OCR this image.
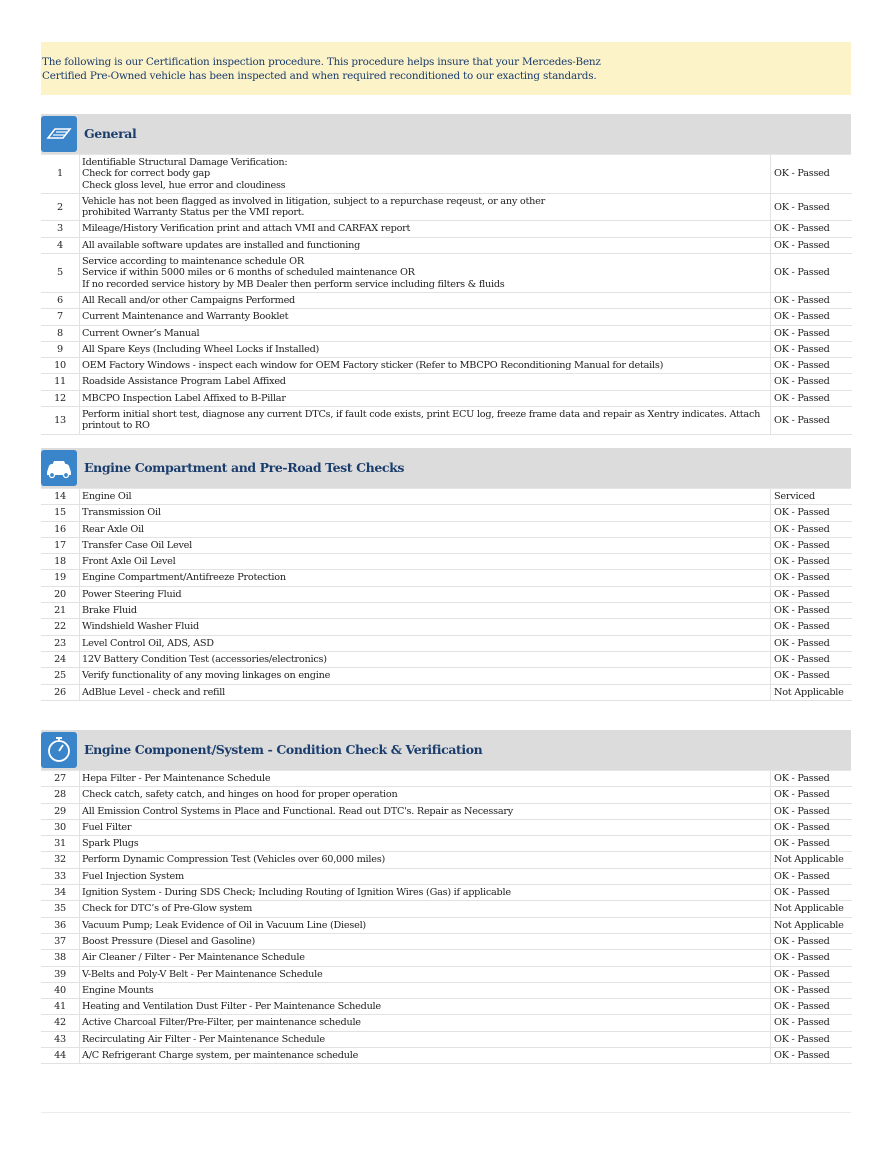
The following is our Certification inspection procedure. This procedure helps insure that your Mercedes-Benz
Certified Pre-Owned vehicle has been inspected and when required reconditioned to our exacting standards.
General
1	Identifiable Structural Damage Verification:
Check for correct body gap
Check gloss level, hue error and cloudiness	OK - Passed
2	Vehicle has not been flagged as involved in litigation, subject to a repurchase reqeust, or any other
prohibited Warranty Status per the VMI report.	OK - Passed
3	Mileage/History Verification print and attach VMI and CARFAX report	OK - Passed
4	All available software updates are installed and functioning	OK - Passed
5	Service according to maintenance schedule OR
Service if within 5000 miles or 6 months of scheduled maintenance OR
If no recorded service history by MB Dealer then perform service including filters & fluids	OK - Passed
6	All Recall and/or other Campaigns Performed	OK - Passed
7	Current Maintenance and Warranty Booklet	OK - Passed
8	Current Owner’s Manual	OK - Passed
9	All Spare Keys (Including Wheel Locks if Installed)	OK - Passed
10	OEM Factory Windows - inspect each window for OEM Factory sticker (Refer to MBCPO Reconditioning Manual for details)	OK - Passed
11	Roadside Assistance Program Label Affixed	OK - Passed
12	MBCPO Inspection Label Affixed to B-Pillar	OK - Passed
13	Perform initial short test, diagnose any current DTCs, if fault code exists, print ECU log, freeze frame data and repair as Xentry indicates. Attach printout to RO	OK - Passed
Engine Compartment and Pre-Road Test Checks
14	Engine Oil	Serviced
15	Transmission Oil	OK - Passed
16	Rear Axle Oil	OK - Passed
17	Transfer Case Oil Level	OK - Passed
18	Front Axle Oil Level	OK - Passed
19	Engine Compartment/Antifreeze Protection	OK - Passed
20	Power Steering Fluid	OK - Passed
21	Brake Fluid	OK - Passed
22	Windshield Washer Fluid	OK - Passed
23	Level Control Oil, ADS, ASD	OK - Passed
24	12V Battery Condition Test (accessories/electronics)	OK - Passed
25	Verify functionality of any moving linkages on engine	OK - Passed
26	AdBlue Level - check and refill	Not Applicable
Engine Component/System - Condition Check & Verification
27	Hepa Filter - Per Maintenance Schedule	OK - Passed
28	Check catch, safety catch, and hinges on hood for proper operation	OK - Passed
29	All Emission Control Systems in Place and Functional. Read out DTC's. Repair as Necessary	OK - Passed
30	Fuel Filter	OK - Passed
31	Spark Plugs	OK - Passed
32	Perform Dynamic Compression Test (Vehicles over 60,000 miles)	Not Applicable
33	Fuel Injection System	OK - Passed
34	Ignition System - During SDS Check; Including Routing of Ignition Wires (Gas) if applicable	OK - Passed
35	Check for DTC’s of Pre-Glow system	Not Applicable
36	Vacuum Pump; Leak Evidence of Oil in Vacuum Line (Diesel)	Not Applicable
37	Boost Pressure (Diesel and Gasoline)	OK - Passed
38	Air Cleaner / Filter - Per Maintenance Schedule	OK - Passed
39	V-Belts and Poly-V Belt - Per Maintenance Schedule	OK - Passed
40	Engine Mounts	OK - Passed
41	Heating and Ventilation Dust Filter - Per Maintenance Schedule	OK - Passed
42	Active Charcoal Filter/Pre-Filter, per maintenance schedule	OK - Passed
43	Recirculating Air Filter - Per Maintenance Schedule	OK - Passed
44	A/C Refrigerant Charge system, per maintenance schedule	OK - Passed
